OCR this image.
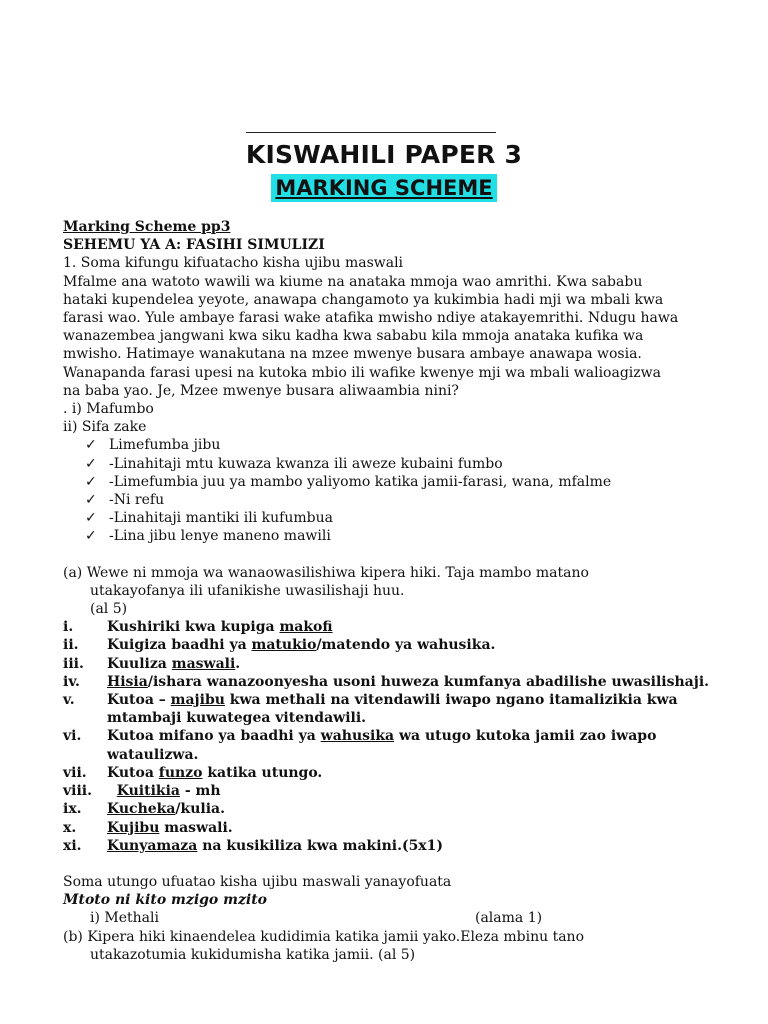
KISWAHILI PAPER 3
MARKING SCHEME

Marking Scheme pp3

SEHEMU YA A: FASIHI SIMULIZI

1. Soma kifungu kifuatacho kisha ujibu maswali

Mfalme ana watoto wawili wa kiume na anataka mmoja wao amrithi. Kwa sababu

hataki kupendelea yeyote, anawapa changamoto ya kukimbia hadi mji wa mbali kwa

farasi wao. Yule ambaye farasi wake atafika mwisho ndiye atakayemrithi. Ndugu hawa

wanazembea jangwani kwa siku kadha kwa sababu kila mmoja anataka kufika wa

mwisho. Hatimaye wanakutana na mzee mwenye busara ambaye anawapa wosia.

Wanapanda farasi upesi na kutoka mbio ili wafike kwenye mji wa mbali walioagizwa

na baba yao. Je, Mzee mwenye busara aliwaambia nini?

. i) Mafumbo

ii) Sifa zake

✓ Limefumba jibu
✓ -Linahitaji mtu kuwaza kwanza ili aweze kubaini fumbo
✓ -Limefumbia juu ya mambo yaliyomo katika jamii-farasi, wana, mfalme
✓ -Ni refu
✓ -Linahitaji mantiki ili kufumbua
✓ -Lina jibu lenye maneno mawili

(a) Wewe ni mmoja wa wanaowasilishiwa kipera hiki. Taja mambo matano

utakayofanya ili ufanikishe uwasilishaji huu.

(al 5)

i. Kushiriki kwa kupiga makofi
ii. Kuigiza baadhi ya matukio/matendo ya wahusika.
iii. Kuuliza maswali.
iv. Hisia/ishara wanazoonyesha usoni huweza kumfanya abadilishe uwasilishaji.
v. Kutoa – majibu kwa methali na vitendawili iwapo ngano itamalizikia kwa mtambaji kuwategea vitendawili.
vi. Kutoa mifano ya baadhi ya wahusika wa utugo kutoka jamii zao iwapo wataulizwa.
vii. Kutoa funzo katika utungo.
viii. Kuitikia - mh
ix. Kucheka/kulia.
x. Kujibu maswali.
xi. Kunyamaza na kusikiliza kwa makini.(5x1)

Soma utungo ufuatao kisha ujibu maswali yanayofuata

Mtoto ni kito mzigo mzito

i) Methali	(alama 1)

(b) Kipera hiki kinaendelea kudidimia katika jamii yako.Eleza mbinu tano

utakazotumia kukidumisha katika jamii. (al 5)
